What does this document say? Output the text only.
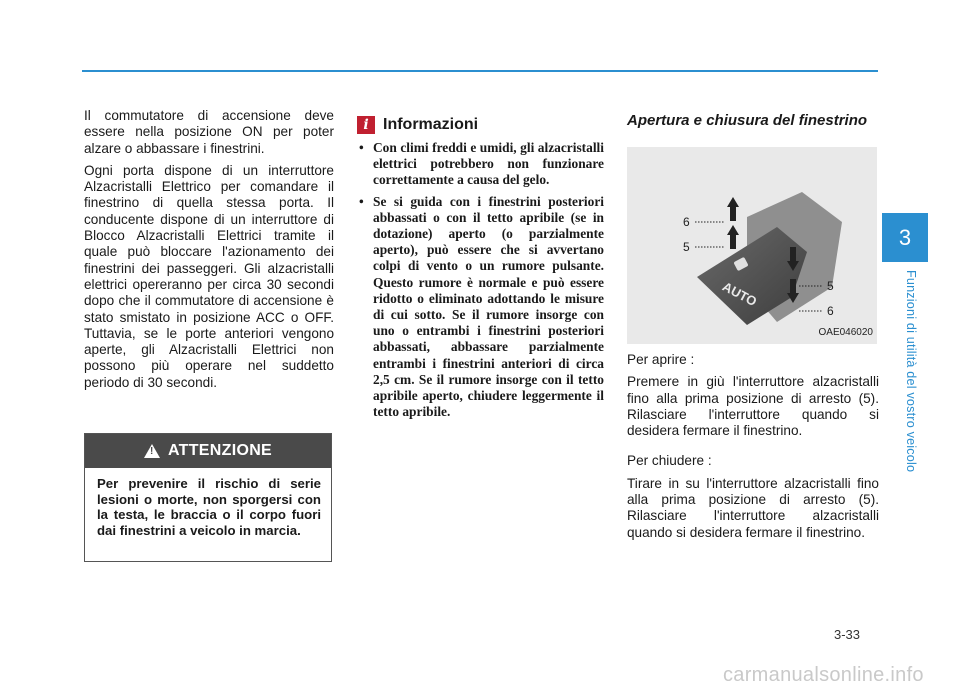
Il commutatore di accensione deve essere nella posizione ON per poter alzare o abbassare i finestrini.

Ogni porta dispone di un interruttore Alzacristalli Elettrico per comandare il finestrino di quella stessa porta. Il conducente dispone di un interruttore di Blocco Alzacristalli Elettrici tramite il quale può bloccare l'azionamento dei finestrini dei passeggeri. Gli alzacristalli elettrici opereranno per circa 30 secondi dopo che il commutatore di accensione è stato smistato in posizione ACC o OFF. Tuttavia, se le porte anteriori vengono aperte, gli Alzacristalli Elettrici non possono più operare nel suddetto periodo di 30 secondi.

!
ATTENZIONE
Per prevenire il rischio di serie lesioni o morte, non sporgersi con la testa, le braccia o il corpo fuori dai finestrini a veicolo in marcia.
i Informazioni
• Con climi freddi e umidi, gli alzacristalli elettrici potrebbero non funzionare correttamente a causa del gelo.
• Se si guida con i finestrini posteriori abbassati o con il tetto apribile (se in dotazione) aperto (o parzialmente aperto), può essere che si avvertano colpi di vento o un rumore pulsante. Questo rumore è normale e può essere ridotto o eliminato adottando le misure di cui sotto. Se il rumore insorge con uno o entrambi i finestrini posteriori abbassati, abbassare parzialmente entrambi i finestrini anteriori di circa 2,5 cm. Se il rumore insorge con il tetto apribile aperto, chiudere leggermente il tetto apribile.
Apertura e chiusura del finestrino
AUTO
6
5
5
6
OAE046020

Per aprire :

Premere in giù l'interruttore alzacristalli fino alla prima posizione di arresto (5). Rilasciare l'interruttore quando si desidera fermare il finestrino.

Per chiudere :

Tirare in su l'interruttore alzacristalli fino alla prima posizione di arresto (5). Rilasciare l'interruttore alzacristalli quando si desidera fermare il finestrino.

3
Funzioni di utilità del vostro veicolo
3-33
carmanualsonline.info
